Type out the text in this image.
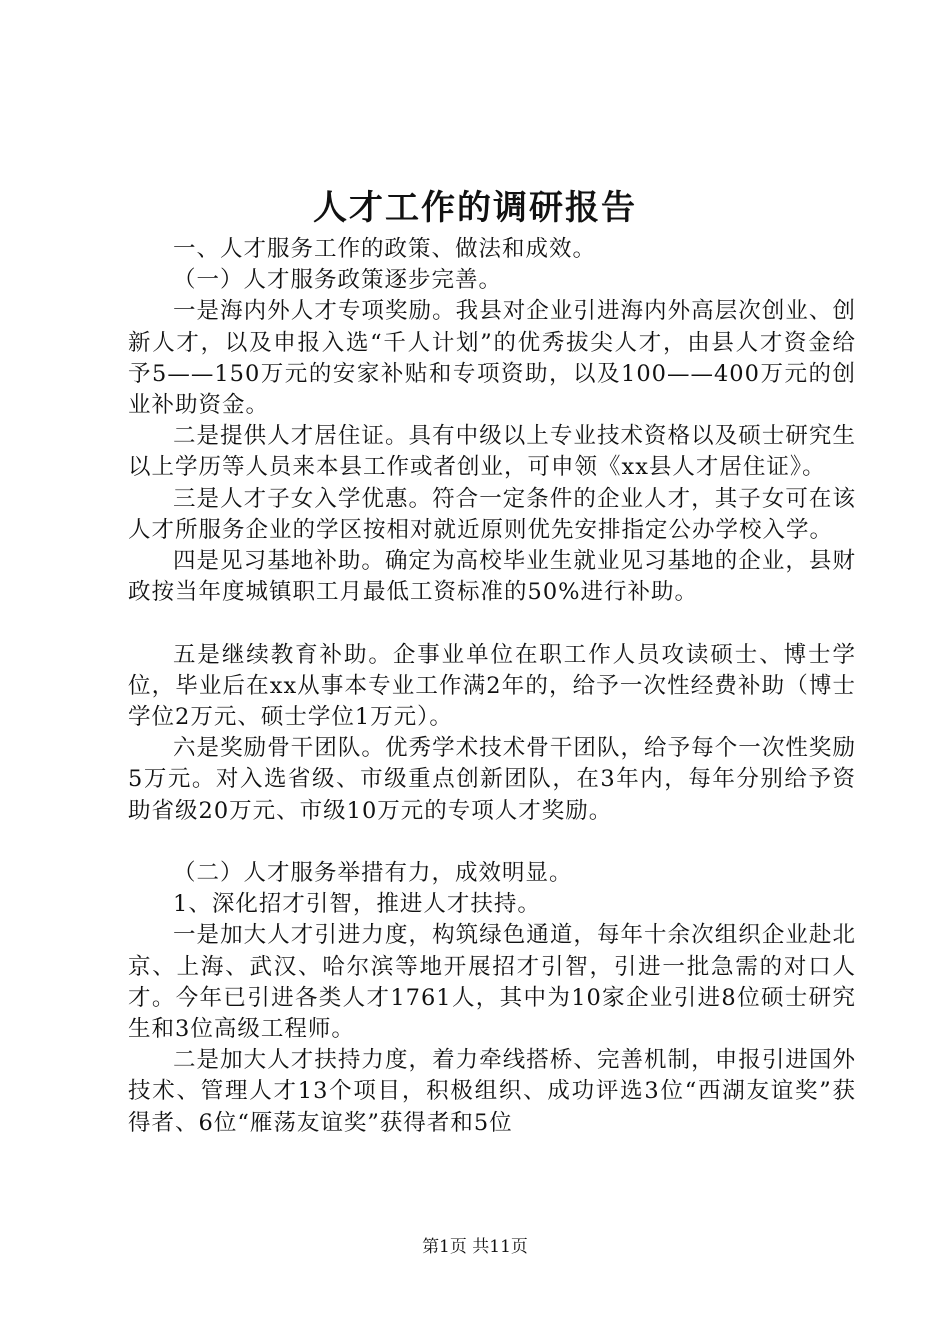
人才工作的调研报告

一、人才服务工作的政策、做法和成效。

（一）人才服务政策逐步完善。

一是海内外人才专项奖励。我县对企业引进海内外高层次创业、创新人才，以及申报入选“千人计划”的优秀拔尖人才，由县人才资金给予5——150万元的安家补贴和专项资助，以及100——400万元的创业补助资金。

二是提供人才居住证。具有中级以上专业技术资格以及硕士研究生以上学历等人员来本县工作或者创业，可申领《xx县人才居住证》。

三是人才子女入学优惠。符合一定条件的企业人才，其子女可在该人才所服务企业的学区按相对就近原则优先安排指定公办学校入学。

四是见习基地补助。确定为高校毕业生就业见习基地的企业，县财政按当年度城镇职工月最低工资标准的50%进行补助。

五是继续教育补助。企事业单位在职工作人员攻读硕士、博士学位，毕业后在xx从事本专业工作满2年的，给予一次性经费补助（博士学位2万元、硕士学位1万元）。

六是奖励骨干团队。优秀学术技术骨干团队，给予每个一次性奖励5万元。对入选省级、市级重点创新团队，在3年内，每年分别给予资助省级20万元、市级10万元的专项人才奖励。

（二）人才服务举措有力，成效明显。

1、深化招才引智，推进人才扶持。

一是加大人才引进力度，构筑绿色通道，每年十余次组织企业赴北京、上海、武汉、哈尔滨等地开展招才引智，引进一批急需的对口人才。今年已引进各类人才1761人，其中为10家企业引进8位硕士研究生和3位高级工程师。

二是加大人才扶持力度，着力牵线搭桥、完善机制，申报引进国外技术、管理人才13个项目，积极组织、成功评选3位“西湖友谊奖”获得者、6位“雁荡友谊奖”获得者和5位

第1页 共11页
